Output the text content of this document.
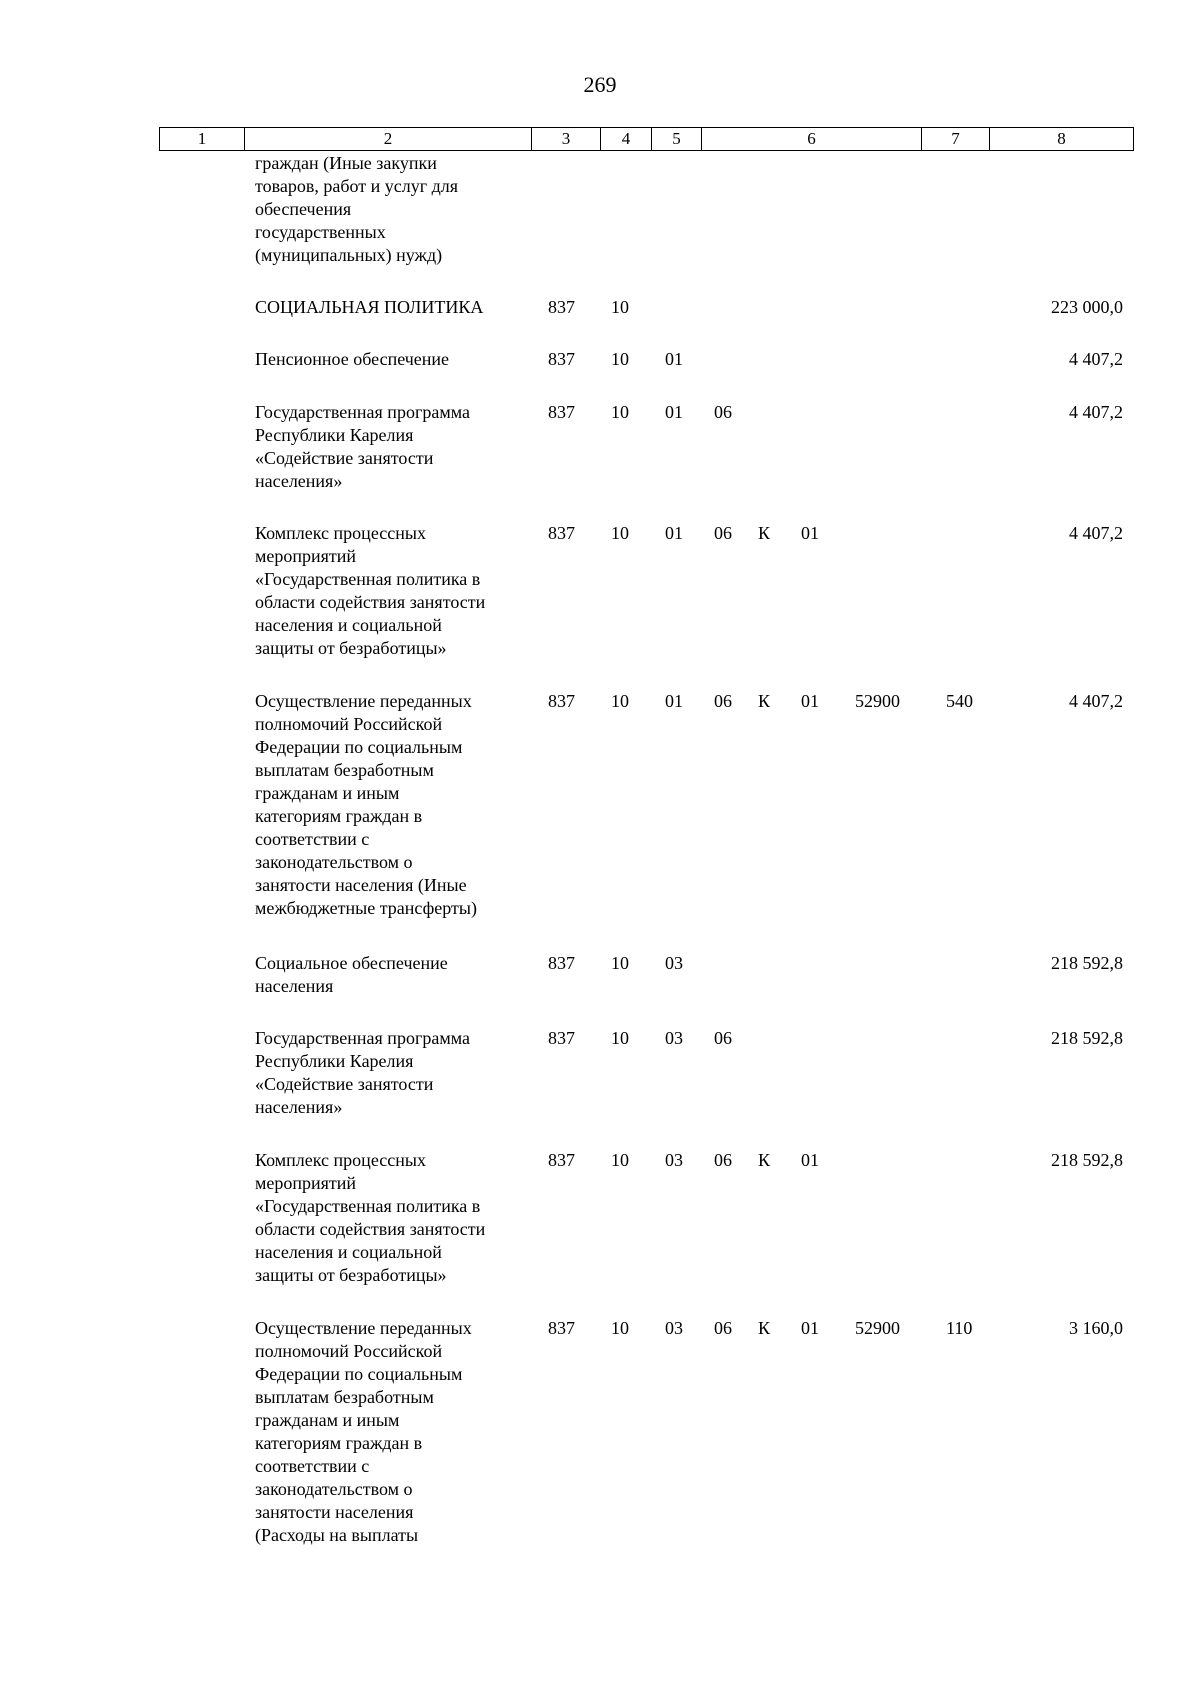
269
1	2	3	4	5	6	7	8
граждан (Иные закупки
товаров, работ и услуг для
обеспечения
государственных
(муниципальных) нужд)
СОЦИАЛЬНАЯ ПОЛИТИКА	837 10	223 000,0
Пенсионное обеспечение	837 10 01	4 407,2
Государственная программа
Республики Карелия
«Содействие занятости
населения»
837 10 01 06	4 407,2
Комплекс процессных
мероприятий
«Государственная политика в
области содействия занятости
населения и социальной
защиты от безработицы»
837 10 01 06 К 01	4 407,2
Осуществление переданных
полномочий Российской
Федерации по социальным
выплатам безработным
гражданам и иным
категориям граждан в
соответствии с
законодательством о
занятости населения (Иные
межбюджетные трансферты)
837 10 01 06 К 01 52900	540	4 407,2
Социальное обеспечение
населения
837 10 03	218 592,8
Государственная программа
Республики Карелия
«Содействие занятости
населения»
837 10 03 06	218 592,8
Комплекс процессных
мероприятий
«Государственная политика в
области содействия занятости
населения и социальной
защиты от безработицы»
837 10 03 06 К 01	218 592,8
Осуществление переданных
полномочий Российской
Федерации по социальным
выплатам безработным
гражданам и иным
категориям граждан в
соответствии с
законодательством о
занятости населения
(Расходы на выплаты
837 10 03 06 К 01 52900	110	3 160,0
